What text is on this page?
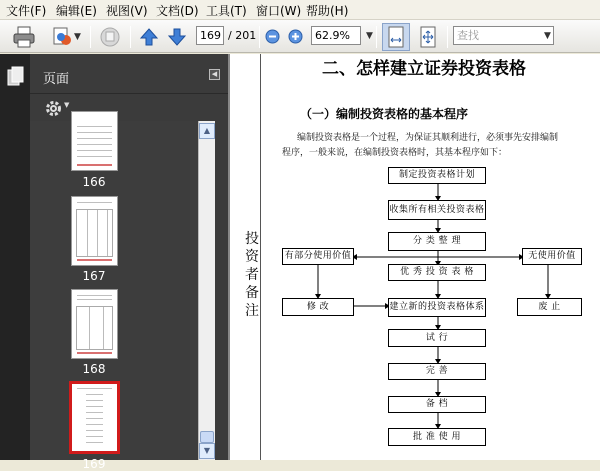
文件(F) 编辑(E) 视图(V) 文档(D) 工具(T) 窗口(W) 帮助(H)
▼	169 / 201	62.9%	▼	查找	▼
页面	◀
▼
166
167
168
169
▲
▼
二、怎样建立证券投资表格
（一）编制投资表格的基本程序
编制投资表格是一个过程，为保证其顺利进行，必须事先安排编制
程序，一般来说，在编制投资表格时，其基本程序如下：
投资者备注
制定投资表格计划
收集所有相关投资表格
分 类 整 理
有部分使用价值	无使用价值
优 秀 投 资 表 格
修 改	建立新的投资表格体系	废 止
试 行
完 善
备 档
批 准 使 用
